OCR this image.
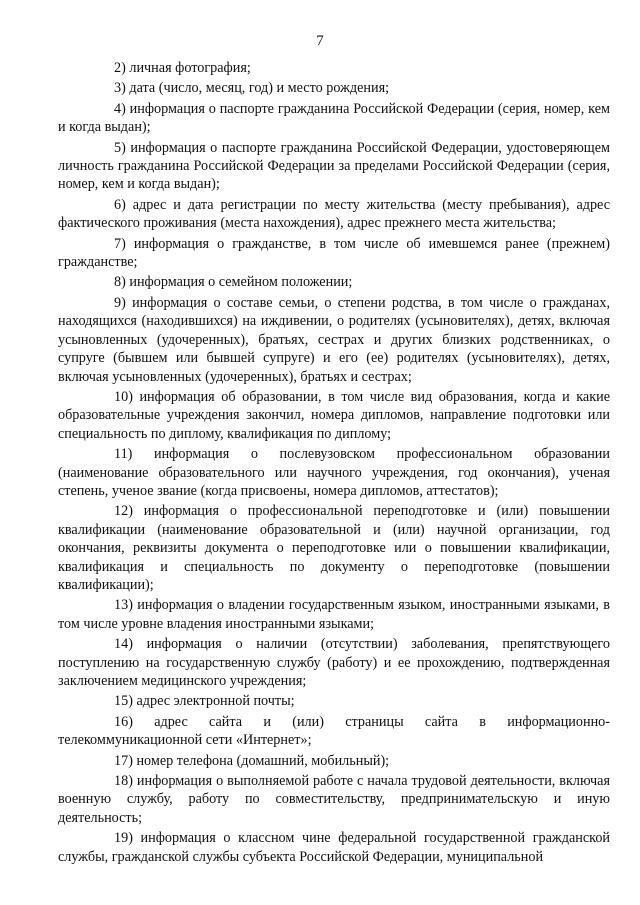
7

2) личная фотография;

3) дата (число, месяц, год) и место рождения;

4) информация о паспорте гражданина Российской Федерации (серия, номер, кем и когда выдан);

5) информация о паспорте гражданина Российской Федерации, удостоверяющем личность гражданина Российской Федерации за пределами Российской Федерации (серия, номер, кем и когда выдан);

6) адрес и дата регистрации по месту жительства (месту пребывания), адрес фактического проживания (места нахождения), адрес прежнего места жительства;

7) информация о гражданстве, в том числе об имевшемся ранее (прежнем) гражданстве;

8) информация о семейном положении;

9) информация о составе семьи, о степени родства, в том числе о гражданах, находящихся (находившихся) на иждивении, о родителях (усыновителях), детях, включая усыновленных (удочеренных), братьях, сестрах и других близких родственниках, о супруге (бывшем или бывшей супруге) и его (ее) родителях (усыновителях), детях, включая усыновленных (удочеренных), братьях и сестрах;

10) информация об образовании, в том числе вид образования, когда и какие образовательные учреждения закончил, номера дипломов, направление подготовки или специальность по диплому, квалификация по диплому;

11) информация о послевузовском профессиональном образовании (наименование образовательного или научного учреждения, год окончания), ученая степень, ученое звание (когда присвоены, номера дипломов, аттестатов);

12) информация о профессиональной переподготовке и (или) повышении квалификации (наименование образовательной и (или) научной организации, год окончания, реквизиты документа о переподготовке или о повышении квалификации, квалификация и специальность по документу о переподготовке (повышении квалификации);

13) информация о владении государственным языком, иностранными языками, в том числе уровне владения иностранными языками;

14) информация о наличии (отсутствии) заболевания, препятствующего поступлению на государственную службу (работу) и ее прохождению, подтвержденная заключением медицинского учреждения;

15) адрес электронной почты;

16) адрес сайта и (или) страницы сайта в информационно-телекоммуникационной сети «Интернет»;

17) номер телефона (домашний, мобильный);

18) информация о выполняемой работе с начала трудовой деятельности, включая военную службу, работу по совместительству, предпринимательскую и иную деятельность;

19) информация о классном чине федеральной государственной гражданской службы, гражданской службы субъекта Российской Федерации, муниципальной
